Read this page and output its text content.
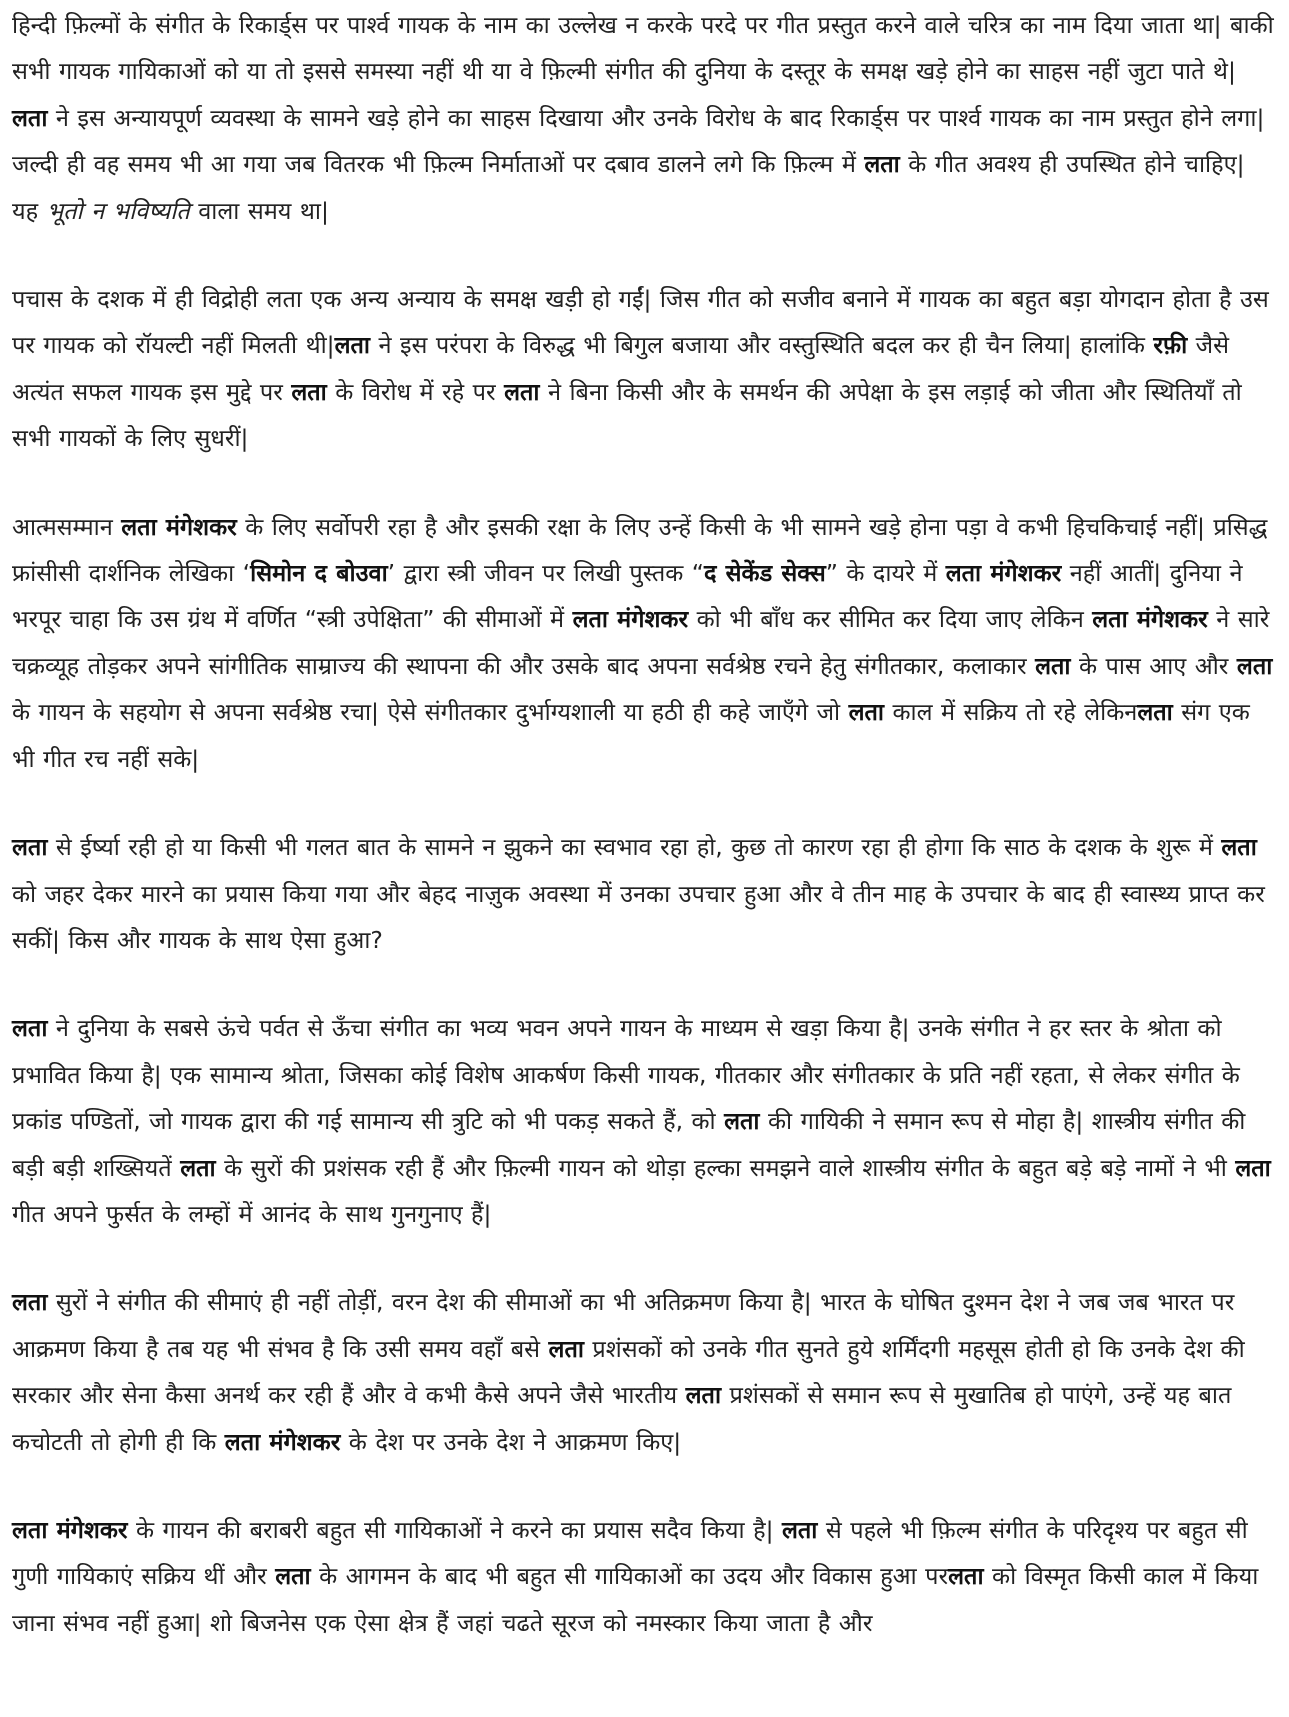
हिन्दी फ़िल्मों के संगीत के रिकार्ड्स पर पार्श्व गायक के नाम का उल्लेख न करके परदे पर गीत प्रस्तुत करने वाले चरित्र का नाम दिया जाता था| बाकी सभी गायक गायिकाओं को या तो इससे समस्या नहीं थी या वे फ़िल्मी संगीत की दुनिया के दस्तूर के समक्ष खड़े होने का साहस नहीं जुटा पाते थे| लता ने इस अन्यायपूर्ण व्यवस्था के सामने खड़े होने का साहस दिखाया और उनके विरोध के बाद रिकार्ड्स पर पार्श्व गायक का नाम प्रस्तुत होने लगा| जल्दी ही वह समय भी आ गया जब वितरक भी फ़िल्म निर्माताओं पर दबाव डालने लगे कि फ़िल्म में लता के गीत अवश्य ही उपस्थित होने चाहिए| यह भूतो न भविष्यति वाला समय था|

पचास के दशक में ही विद्रोही लता एक अन्य अन्याय के समक्ष खड़ी हो गईं| जिस गीत को सजीव बनाने में गायक का बहुत बड़ा योगदान होता है उस पर गायक को रॉयल्टी नहीं मिलती थी|लता ने इस परंपरा के विरुद्ध भी बिगुल बजाया और वस्तुस्थिति बदल कर ही चैन लिया| हालांकि रफ़ी जैसे अत्यंत सफल गायक इस मुद्दे पर लता के विरोध में रहे पर लता ने बिना किसी और के समर्थन की अपेक्षा के इस लड़ाई को जीता और स्थितियाँ तो सभी गायकों के लिए सुधरीं|

आत्मसम्मान लता मंगेशकर के लिए सर्वोपरी रहा है और इसकी रक्षा के लिए उन्हें किसी के भी सामने खड़े होना पड़ा वे कभी हिचकिचाई नहीं| प्रसिद्ध फ्रांसीसी दार्शनिक लेखिका ‘सिमोन द बोउवा’ द्वारा स्त्री जीवन पर लिखी पुस्तक “द सेकेंड सेक्स” के दायरे में लता मंगेशकर नहीं आतीं| दुनिया ने भरपूर चाहा कि उस ग्रंथ में वर्णित “स्त्री उपेक्षिता” की सीमाओं में लता मंगेशकर को भी बाँध कर सीमित कर दिया जाए लेकिन लता मंगेशकर ने सारे चक्रव्यूह तोड़कर अपने सांगीतिक साम्राज्य की स्थापना की और उसके बाद अपना सर्वश्रेष्ठ रचने हेतु संगीतकार, कलाकार लता के पास आए और लता के गायन के सहयोग से अपना सर्वश्रेष्ठ रचा| ऐसे संगीतकार दुर्भाग्यशाली या हठी ही कहे जाएँगे जो लता काल में सक्रिय तो रहे लेकिनलता संग एक भी गीत रच नहीं सके|

लता से ईर्ष्या रही हो या किसी भी गलत बात के सामने न झुकने का स्वभाव रहा हो, कुछ तो कारण रहा ही होगा कि साठ के दशक के शुरू में लता को जहर देकर मारने का प्रयास किया गया और बेहद नाज़ुक अवस्था में उनका उपचार हुआ और वे तीन माह के उपचार के बाद ही स्वास्थ्य प्राप्त कर सकीं| किस और गायक के साथ ऐसा हुआ?

लता ने दुनिया के सबसे ऊंचे पर्वत से ऊँचा संगीत का भव्य भवन अपने गायन के माध्यम से खड़ा किया है| उनके संगीत ने हर स्तर के श्रोता को प्रभावित किया है| एक सामान्य श्रोता, जिसका कोई विशेष आकर्षण किसी गायक, गीतकार और संगीतकार के प्रति नहीं रहता, से लेकर संगीत के प्रकांड पण्डितों, जो गायक द्वारा की गई सामान्य सी त्रुटि को भी पकड़ सकते हैं, को लता की गायिकी ने समान रूप से मोहा है| शास्त्रीय संगीत की बड़ी बड़ी शख्सियतें लता के सुरों की प्रशंसक रही हैं और फ़िल्मी गायन को थोड़ा हल्का समझने वाले शास्त्रीय संगीत के बहुत बड़े बड़े नामों ने भी लता गीत अपने फुर्सत के लम्हों में आनंद के साथ गुनगुनाए हैं|

लता सुरों ने संगीत की सीमाएं ही नहीं तोड़ीं, वरन देश की सीमाओं का भी अतिक्रमण किया है| भारत के घोषित दुश्मन देश ने जब जब भारत पर आक्रमण किया है तब यह भी संभव है कि उसी समय वहाँ बसे लता प्रशंसकों को उनके गीत सुनते हुये शर्मिंदगी महसूस होती हो कि उनके देश की सरकार और सेना कैसा अनर्थ कर रही हैं और वे कभी कैसे अपने जैसे भारतीय लता प्रशंसकों से समान रूप से मुखातिब हो पाएंगे, उन्हें यह बात कचोटती तो होगी ही कि लता मंगेशकर के देश पर उनके देश ने आक्रमण किए|

लता मंगेशकर के गायन की बराबरी बहुत सी गायिकाओं ने करने का प्रयास सदैव किया है| लता से पहले भी फ़िल्म संगीत के परिदृश्य पर बहुत सी गुणी गायिकाएं सक्रिय थीं और लता के आगमन के बाद भी बहुत सी गायिकाओं का उदय और विकास हुआ परलता को विस्मृत किसी काल में किया जाना संभव नहीं हुआ| शो बिजनेस एक ऐसा क्षेत्र हैं जहां चढते सूरज को नमस्कार किया जाता है और
